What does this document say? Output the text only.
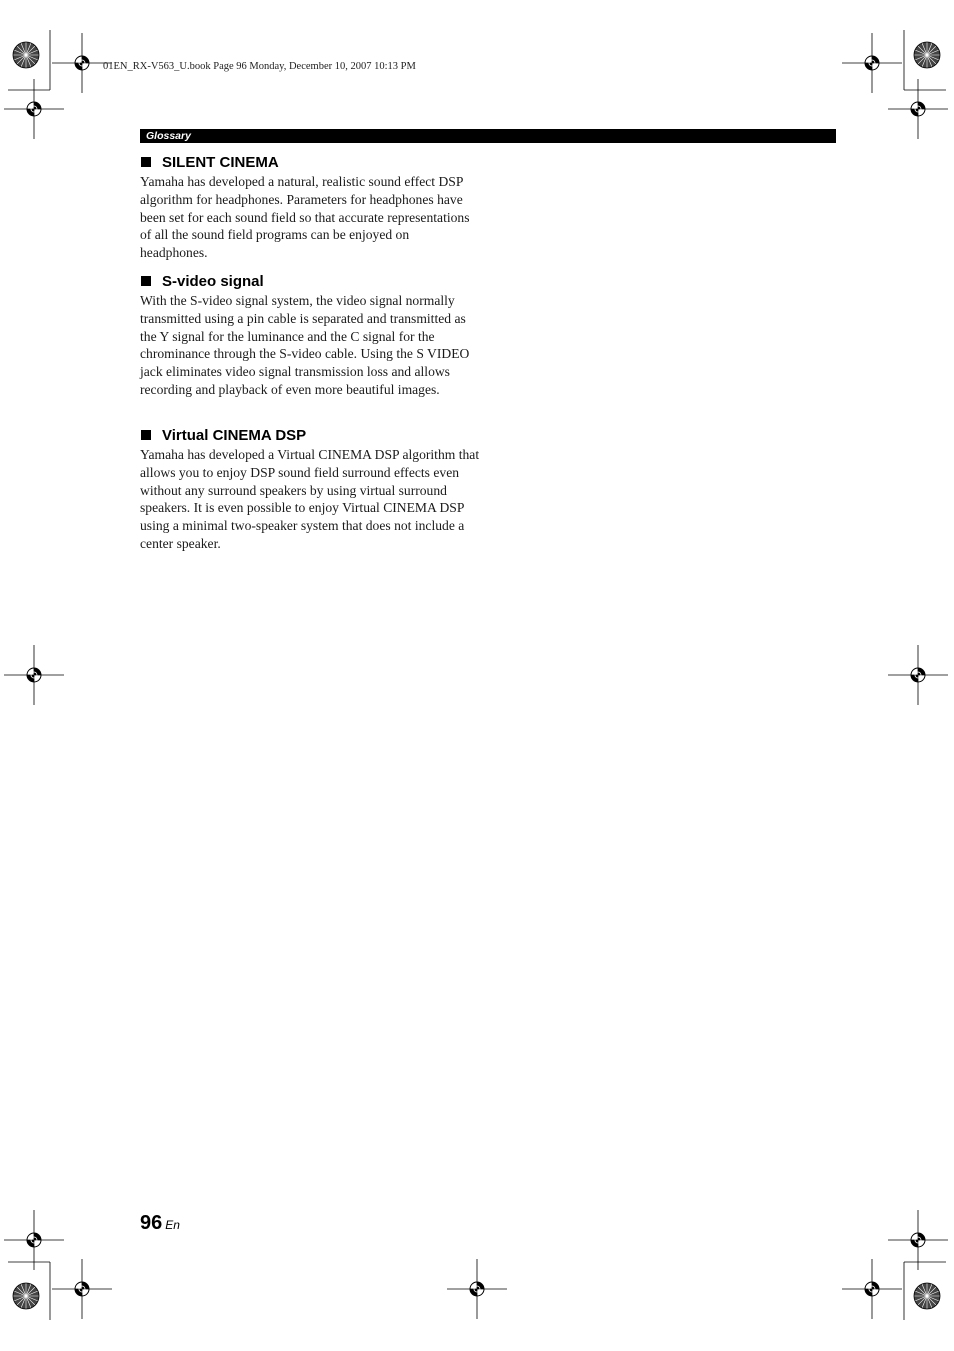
01EN_RX-V563_U.book Page 96 Monday, December 10, 2007 10:13 PM
Glossary
SILENT CINEMA

Yamaha has developed a natural, realistic sound effect DSP algorithm for headphones. Parameters for headphones have been set for each sound field so that accurate representations of all the sound field programs can be enjoyed on headphones.

S-video signal

With the S-video signal system, the video signal normally transmitted using a pin cable is separated and transmitted as the Y signal for the luminance and the C signal for the chrominance through the S-video cable. Using the S VIDEO jack eliminates video signal transmission loss and allows recording and playback of even more beautiful images.

Virtual CINEMA DSP

Yamaha has developed a Virtual CINEMA DSP algorithm that allows you to enjoy DSP sound field surround effects even without any surround speakers by using virtual surround speakers. It is even possible to enjoy Virtual CINEMA DSP using a minimal two-speaker system that does not include a center speaker.

96 En
